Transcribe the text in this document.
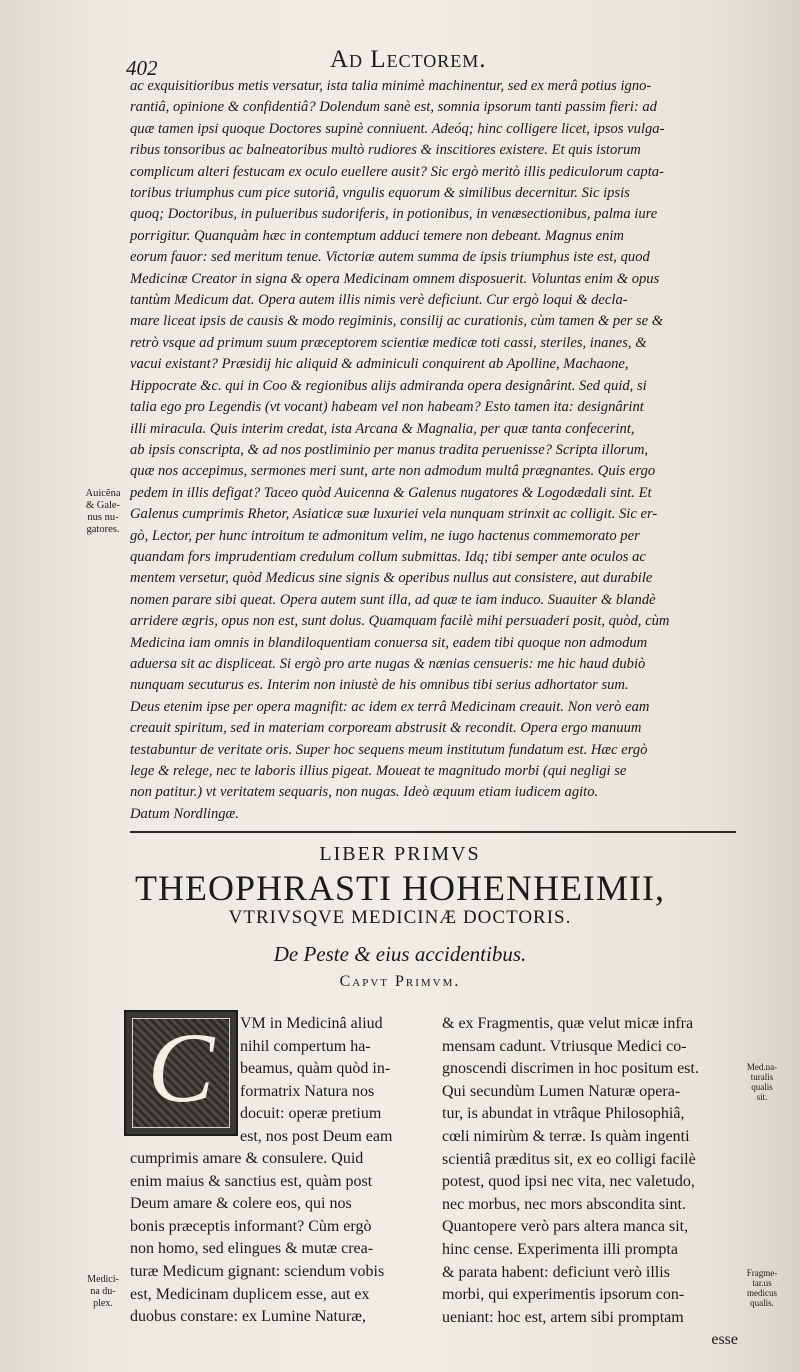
402	Ad Lectorem.

ac exquisitioribus metis versatur, ista talia minimè machinentur, sed ex merâ potius igno-

rantiâ, opinione & confidentiâ? Dolendum sanè est, somnia ipsorum tanti passim fieri: ad

quæ tamen ipsi quoque Doctores supinè conniuent. Adeóq; hinc colligere licet, ipsos vulga-

ribus tonsoribus ac balneatoribus multò rudiores & inscitiores existere. Et quis istorum

complicum alteri festucam ex oculo euellere ausit? Sic ergò meritò illis pediculorum capta-

toribus triumphus cum pice sutoriâ, vngulis equorum & similibus decernitur. Sic ipsis

quoq; Doctoribus, in pulueribus sudoriferis, in potionibus, in venæsectionibus, palma iure

porrigitur. Quanquàm hæc in contemptum adduci temere non debeant. Magnus enim

eorum fauor: sed meritum tenue. Victoriæ autem summa de ipsis triumphus iste est, quod

Medicinæ Creator in signa & opera Medicinam omnem disposuerit. Voluntas enim & opus

tantùm Medicum dat. Opera autem illis nimis verè deficiunt. Cur ergò loqui & decla-

mare liceat ipsis de causis & modo regiminis, consilij ac curationis, cùm tamen & per se &

retrò vsque ad primum suum præceptorem scientiæ medicæ toti cassi, steriles, inanes, &

vacui existant? Præsidij hic aliquid & adminiculi conquirent ab Apolline, Machaone,

Hippocrate &c. qui in Coo & regionibus alijs admiranda opera designârint. Sed quid, si

talia ego pro Legendis (vt vocant) habeam vel non habeam? Esto tamen ita: designârint

illi miracula. Quis interim credat, ista Arcana & Magnalia, per quæ tanta confecerint,

ab ipsis conscripta, & ad nos postliminio per manus tradita peruenisse? Scripta illorum,

quæ nos accepimus, sermones meri sunt, arte non admodum multâ prægnantes. Quis ergo

pedem in illis defigat? Taceo quòd Auicenna & Galenus nugatores & Logodædali sint. Et

Galenus cumprimis Rhetor, Asiaticæ suæ luxuriei vela nunquam strinxit ac colligit. Sic er-

gò, Lector, per hunc introitum te admonitum velim, ne iugo hactenus commemorato per

quandam fors imprudentiam credulum collum submittas. Idq; tibi semper ante oculos ac

mentem versetur, quòd Medicus sine signis & operibus nullus aut consistere, aut durabile

nomen parare sibi queat. Opera autem sunt illa, ad quæ te iam induco. Suauiter & blandè

arridere ægris, opus non est, sunt dolus. Quamquam facilè mihi persuaderi posit, quòd, cùm

Medicina iam omnis in blandiloquentiam conuersa sit, eadem tibi quoque non admodum

aduersa sit ac displiceat. Si ergò pro arte nugas & nænias censueris: me hic haud dubiò

nunquam secuturus es. Interim non iniustè de his omnibus tibi serius adhortator sum.

Deus etenim ipse per opera magnifit: ac idem ex terrâ Medicinam creauit. Non verò eam

creauit spiritum, sed in materiam corpoream abstrusit & recondit. Opera ergo manuum

testabuntur de veritate oris. Super hoc sequens meum institutum fundatum est. Hæc ergò

lege & relege, nec te laboris illius pigeat. Moueat te magnitudo morbi (qui negligi se

non patitur.) vt veritatem sequaris, non nugas. Ideò æquum etiam iudicem agito.

Datum Nordlingæ.

Auicẽna
& Gale-
nus nu-
gatores.
LIBER PRIMVS
THEOPHRASTI HOHENHEIMII,
VTRIVSQVE MEDICINÆ DOCTORIS.
De Peste & eius accidentibus.
Capvt Primvm.
C	VM in Medicinâ aliud

nihil compertum ha-

beamus, quàm quòd in-

formatrix Natura nos

docuit: operæ pretium

est, nos post Deum eam

cumprimis amare & consulere. Quid

enim maius & sanctius est, quàm post

Deum amare & colere eos, qui nos

bonis præceptis informant? Cùm ergò

non homo, sed elingues & mutæ crea-

turæ Medicum gignant: sciendum vobis

est, Medicinam duplicem esse, aut ex

duobus constare: ex Lumine Naturæ,

& ex Fragmentis, quæ velut micæ infra

mensam cadunt. Vtriusque Medici co-

gnoscendi discrimen in hoc positum est.

Qui secundùm Lumen Naturæ opera-

tur, is abundat in vtrâque Philosophiâ,

cœli nimirùm & terræ. Is quàm ingenti

scientiâ præditus sit, ex eo colligi facilè

potest, quod ipsi nec vita, nec valetudo,

nec morbus, nec mors abscondita sint.

Quantopere verò pars altera manca sit,

hinc cense. Experimenta illi prompta

& parata habent: deficiunt verò illis

morbi, qui experimentis ipsorum con-

ueniant: hoc est, artem sibi promptam

esse

Med.na-
turalis
qualis
sit.
Medici-
na du-
plex.
Fragme-
tar.us
medicus
qualis.
